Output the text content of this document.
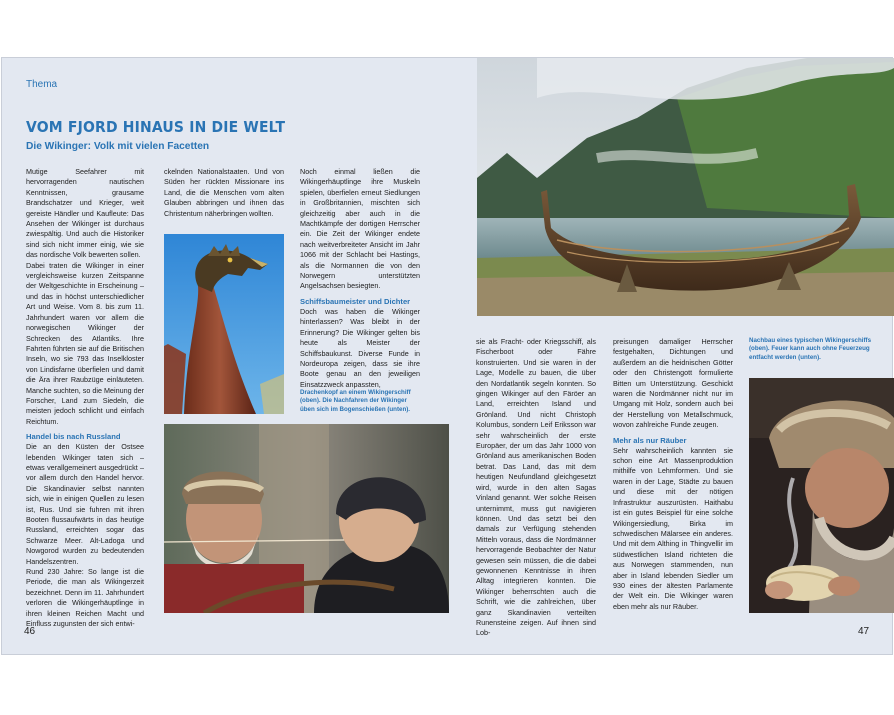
Thema
VOM FJORD HINAUS IN DIE WELT
Die Wikinger: Volk mit vielen Facetten

Mutige Seefahrer mit hervorragenden nautischen Kenntnissen, grausame Brandschatzer und Krieger, weit gereiste Händler und Kaufleute: Das Ansehen der Wikinger ist durchaus zwiespältig. Und auch die Historiker sind sich nicht immer einig, wie sie das nordische Volk bewerten sollen.

Dabei traten die Wikinger in einer vergleichsweise kurzen Zeitspanne der Weltgeschichte in Erscheinung – und das in höchst unterschiedlicher Art und Weise. Vom 8. bis zum 11. Jahrhundert waren vor allem die norwegischen Wikinger der Schrecken des Atlantiks. Ihre Fahrten führten sie auf die Britischen Inseln, wo sie 793 das Inselkloster von Lindisfarne überfielen und damit die Ära ihrer Raubzüge einläuteten. Manche suchten, so die Meinung der Forscher, Land zum Siedeln, die meisten jedoch schlicht und einfach Reichtum.

Handel bis nach Russland

Die an den Küsten der Ostsee lebenden Wikinger taten sich – etwas verallgemeinert ausgedrückt – vor allem durch den Handel hervor. Die Skandinavier selbst nannten sich, wie in einigen Quellen zu lesen ist, Rus. Und sie fuhren mit ihren Booten flussaufwärts in das heutige Russland, erreichten sogar das Schwarze Meer. Alt-Ladoga und Nowgorod wurden zu bedeutenden Handelszentren.

Rund 230 Jahre: So lange ist die Periode, die man als Wikingerzeit bezeichnet. Denn im 11. Jahrhundert verloren die Wikingerhäuptlinge in ihren kleinen Reichen Macht und Einfluss zugunsten der sich entwi-

ckelnden Nationalstaaten. Und von Süden her rückten Missionare ins Land, die die Menschen vom alten Glauben abbringen und ihnen das Christentum näherbringen wollten.

Noch einmal ließen die Wikingerhäuptlinge ihre Muskeln spielen, überfielen erneut Siedlungen in Großbritannien, mischten sich gleichzeitig aber auch in die Machtkämpfe der dortigen Herrscher ein. Die Zeit der Wikinger endete nach weitverbreiteter Ansicht im Jahr 1066 mit der Schlacht bei Hastings, als die Normannen die von den Norwegern unterstützten Angelsachsen besiegten.

Schiffsbaumeister und Dichter

Doch was haben die Wikinger hinterlassen? Was bleibt in der Erinnerung? Die Wikinger gelten bis heute als Meister der Schiffsbaukunst. Diverse Funde in Nordeuropa zeigen, dass sie ihre Boote genau an den jeweiligen Einsatzzweck anpassten,

Drachenkopf an einem Wikingerschiff (oben). Die Nachfahren der Wikinger üben sich im Bogenschießen (unten).
46

sie als Fracht- oder Kriegsschiff, als Fischerboot oder Fähre konstruierten. Und sie waren in der Lage, Modelle zu bauen, die über den Nordatlantik segeln konnten. So gingen Wikinger auf den Färöer an Land, erreichten Island und Grönland. Und nicht Christoph Kolumbus, sondern Leif Eriksson war sehr wahrscheinlich der erste Europäer, der um das Jahr 1000 von Grönland aus amerikanischen Boden betrat. Das Land, das mit dem heutigen Neufundland gleichgesetzt wird, wurde in den alten Sagas Vinland genannt. Wer solche Reisen unternimmt, muss gut navigieren können. Und das setzt bei den damals zur Verfügung stehenden Mitteln voraus, dass die Nordmänner hervorragende Beobachter der Natur gewesen sein müssen, die die dabei gewonnenen Kenntnisse in ihren Alltag integrieren konnten. Die Wikinger beherrschten auch die Schrift, wie die zahlreichen, über ganz Skandinavien verteilten Runensteine zeigen. Auf ihnen sind Lob-

preisungen damaliger Herrscher festgehalten, Dichtungen und außerdem an die heidnischen Götter oder den Christengott formulierte Bitten um Unterstützung. Geschickt waren die Nordmänner nicht nur im Umgang mit Holz, sondern auch bei der Herstellung von Metallschmuck, wovon zahlreiche Funde zeugen.

Mehr als nur Räuber

Sehr wahrscheinlich kannten sie schon eine Art Massenproduktion mithilfe von Lehmformen. Und sie waren in der Lage, Städte zu bauen und diese mit der nötigen Infrastruktur auszurüsten. Haithabu ist ein gutes Beispiel für eine solche Wikingersiedlung, Birka im schwedischen Mälarsee ein anderes. Und mit dem Althing in Thingvellir im südwestlichen Island richteten die aus Norwegen stammenden, nun aber in Island lebenden Siedler um 930 eines der ältesten Parlamente der Welt ein. Die Wikinger waren eben mehr als nur Räuber.

Nachbau eines typischen Wikingerschiffs (oben). Feuer kann auch ohne Feuerzeug entfacht werden (unten).
47
